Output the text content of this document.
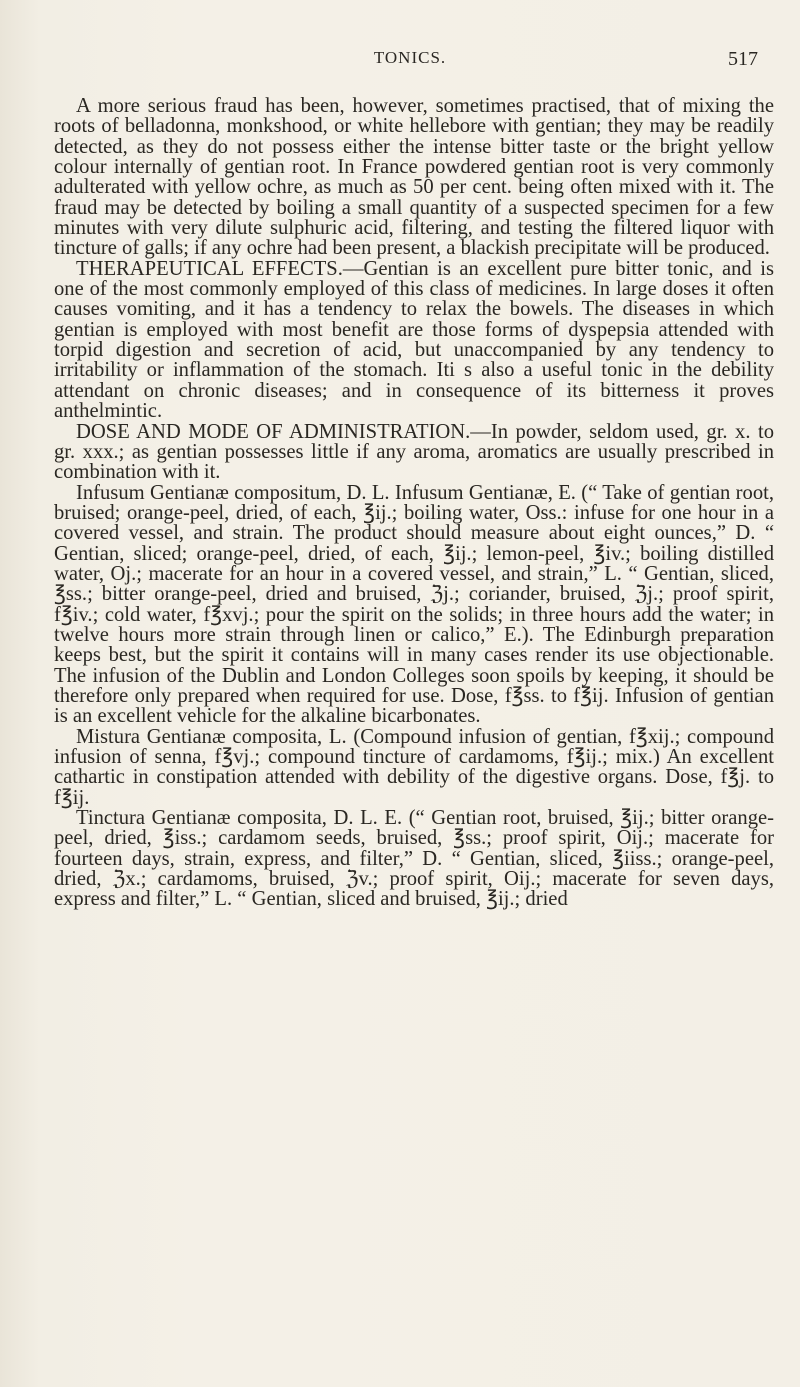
TONICS.	517

A more serious fraud has been, however, sometimes practised, that of mixing the roots of belladonna, monkshood, or white hellebore with gentian; they may be readily detected, as they do not possess either the intense bitter taste or the bright yellow colour internally of gentian root. In France powdered gentian root is very commonly adulterated with yellow ochre, as much as 50 per cent. being often mixed with it. The fraud may be detected by boiling a small quantity of a suspected specimen for a few minutes with very dilute sulphuric acid, filtering, and testing the filtered liquor with tincture of galls; if any ochre had been present, a blackish precipitate will be produced.

THERAPEUTICAL EFFECTS.—Gentian is an excellent pure bitter tonic, and is one of the most commonly employed of this class of medicines. In large doses it often causes vomiting, and it has a tendency to relax the bowels. The diseases in which gentian is employed with most benefit are those forms of dyspepsia attended with torpid digestion and secretion of acid, but unaccompanied by any tendency to irritability or inflammation of the stomach. Iti s also a useful tonic in the debility attendant on chronic diseases; and in consequence of its bitterness it proves anthelmintic.

DOSE AND MODE OF ADMINISTRATION.—In powder, seldom used, gr. x. to gr. xxx.; as gentian possesses little if any aroma, aromatics are usually prescribed in combination with it.

Infusum Gentianæ compositum, D. L. Infusum Gentianæ, E. (“ Take of gentian root, bruised; orange-peel, dried, of each, ℥ij.; boiling water, Oss.: infuse for one hour in a covered vessel, and strain. The product should measure about eight ounces,” D. “ Gentian, sliced; orange-peel, dried, of each, ℥ij.; lemon-peel, ℥iv.; boiling distilled water, Oj.; macerate for an hour in a covered vessel, and strain,” L. “ Gentian, sliced, ℥ss.; bitter orange-peel, dried and bruised, ℨj.; coriander, bruised, ℨj.; proof spirit, f℥iv.; cold water, f℥xvj.; pour the spirit on the solids; in three hours add the water; in twelve hours more strain through linen or calico,” E.). The Edinburgh preparation keeps best, but the spirit it contains will in many cases render its use objectionable. The infusion of the Dublin and London Colleges soon spoils by keeping, it should be therefore only prepared when required for use. Dose, f℥ss. to f℥ij. Infusion of gentian is an excellent vehicle for the alkaline bicarbonates.

Mistura Gentianæ composita, L. (Compound infusion of gentian, f℥xij.; compound infusion of senna, f℥vj.; compound tincture of cardamoms, f℥ij.; mix.) An excellent cathartic in constipation attended with debility of the digestive organs. Dose, f℥j. to f℥ij.

Tinctura Gentianæ composita, D. L. E. (“ Gentian root, bruised, ℥ij.; bitter orange-peel, dried, ℥iss.; cardamom seeds, bruised, ℥ss.; proof spirit, Oij.; macerate for fourteen days, strain, express, and filter,” D. “ Gentian, sliced, ℥iiss.; orange-peel, dried, ℨx.; cardamoms, bruised, ℨv.; proof spirit, Oij.; macerate for seven days, express and filter,” L. “ Gentian, sliced and bruised, ℥ij.; dried
